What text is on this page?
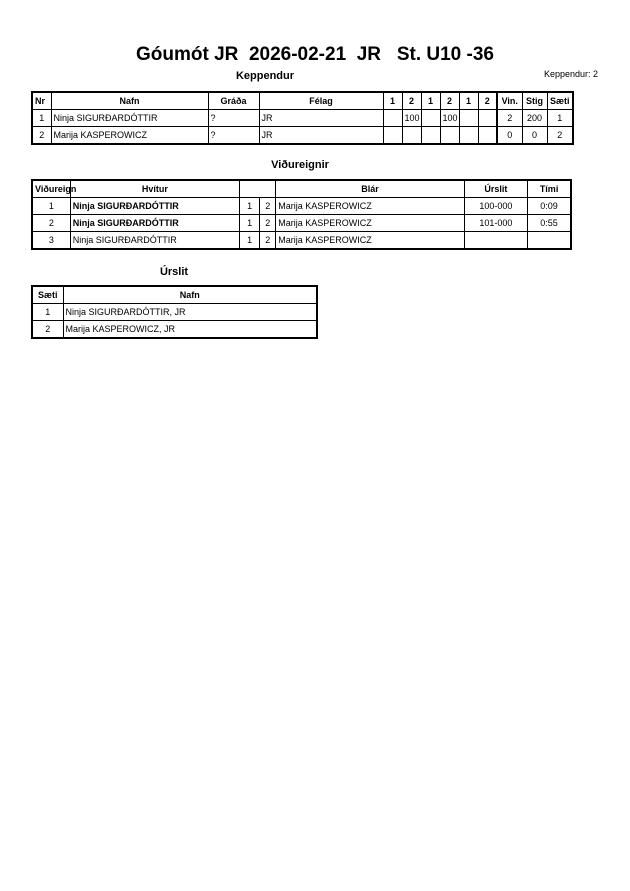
Góumót JR  2026-02-21  JR   St. U10 -36
Keppendur	Keppendur: 2
Nr	Nafn	Gráða	Félag	1	2	1	2	1	2	Vin.	Stig	Sæti
1	Ninja SIGURÐARDÓTTIR	?	JR		100		100			2	200	1
2	Marija KASPEROWICZ	?	JR							0	0	2
Viðureignir
Viðureign	Hvítur			Blár	Úrslit	Tími
1	Ninja SIGURÐARDÓTTIR	1	2	Marija KASPEROWICZ	100-000	0:09
2	Ninja SIGURÐARDÓTTIR	1	2	Marija KASPEROWICZ	101-000	0:55
3	Ninja SIGURÐARDÓTTIR	1	2	Marija KASPEROWICZ		
Úrslit
Sæti	Nafn
1	Ninja SIGURÐARDÓTTIR, JR
2	Marija KASPEROWICZ, JR
